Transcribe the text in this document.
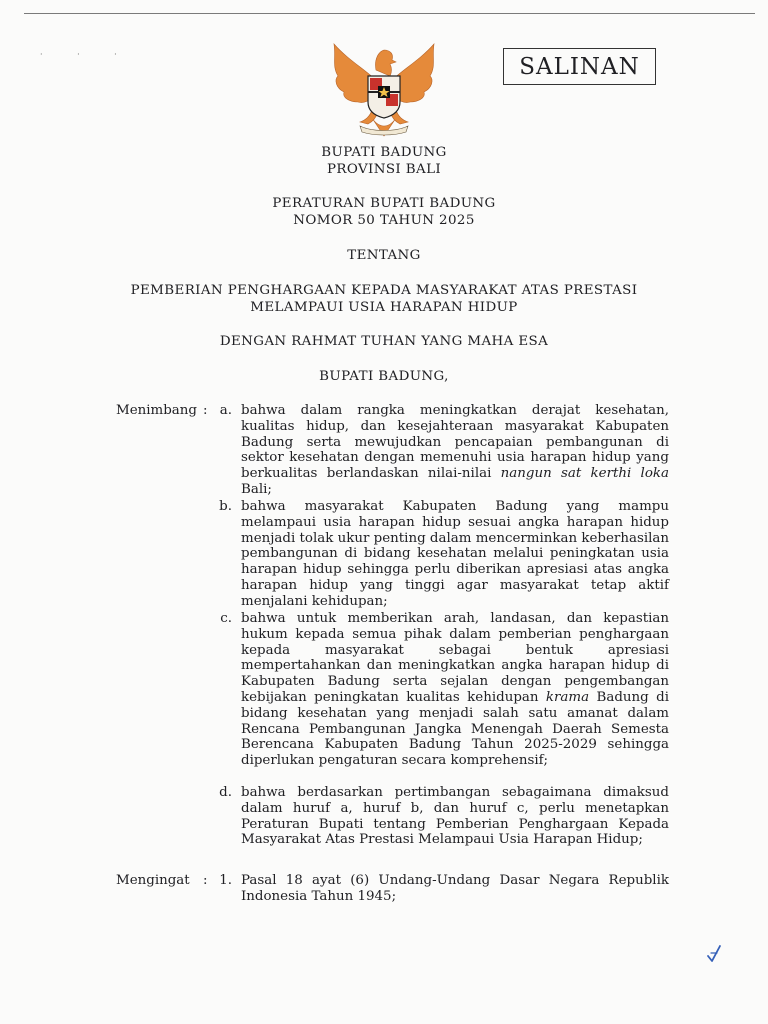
· · ·	SALINAN
BUPATI BADUNG
PROVINSI BALI
PERATURAN BUPATI BADUNG
NOMOR 50 TAHUN 2025
TENTANG
PEMBERIAN PENGHARGAAN KEPADA MASYARAKAT ATAS PRESTASI
MELAMPAUI USIA HARAPAN HIDUP
DENGAN RAHMAT TUHAN YANG MAHA ESA
BUPATI BADUNG,
Menimbang : a. bahwa dalam rangka meningkatkan derajat kesehatan, kualitas hidup, dan kesejahteraan masyarakat Kabupaten Badung serta mewujudkan pencapaian pembangunan di sektor kesehatan dengan memenuhi usia harapan hidup yang berkualitas berlandaskan nilai-nilai nangun sat kerthi loka Bali;
b. bahwa masyarakat Kabupaten Badung yang mampu melampaui usia harapan hidup sesuai angka harapan hidup menjadi tolak ukur penting dalam mencerminkan keberhasilan pembangunan di bidang kesehatan melalui peningkatan usia harapan hidup sehingga perlu diberikan apresiasi atas angka harapan hidup yang tinggi agar masyarakat tetap aktif menjalani kehidupan;
c. bahwa untuk memberikan arah, landasan, dan kepastian hukum kepada semua pihak dalam pemberian penghargaan kepada masyarakat sebagai bentuk apresiasi mempertahankan dan meningkatkan angka harapan hidup di Kabupaten Badung serta sejalan dengan pengembangan kebijakan peningkatan kualitas kehidupan krama Badung di bidang kesehatan yang menjadi salah satu amanat dalam Rencana Pembangunan Jangka Menengah Daerah Semesta Berencana Kabupaten Badung Tahun 2025-2029 sehingga diperlukan pengaturan secara komprehensif;
d. bahwa berdasarkan pertimbangan sebagaimana dimaksud dalam huruf a, huruf b, dan huruf c, perlu menetapkan Peraturan Bupati tentang Pemberian Penghargaan Kepada Masyarakat Atas Prestasi Melampaui Usia Harapan Hidup;
Mengingat : 1. Pasal 18 ayat (6) Undang-Undang Dasar Negara Republik Indonesia Tahun 1945;
